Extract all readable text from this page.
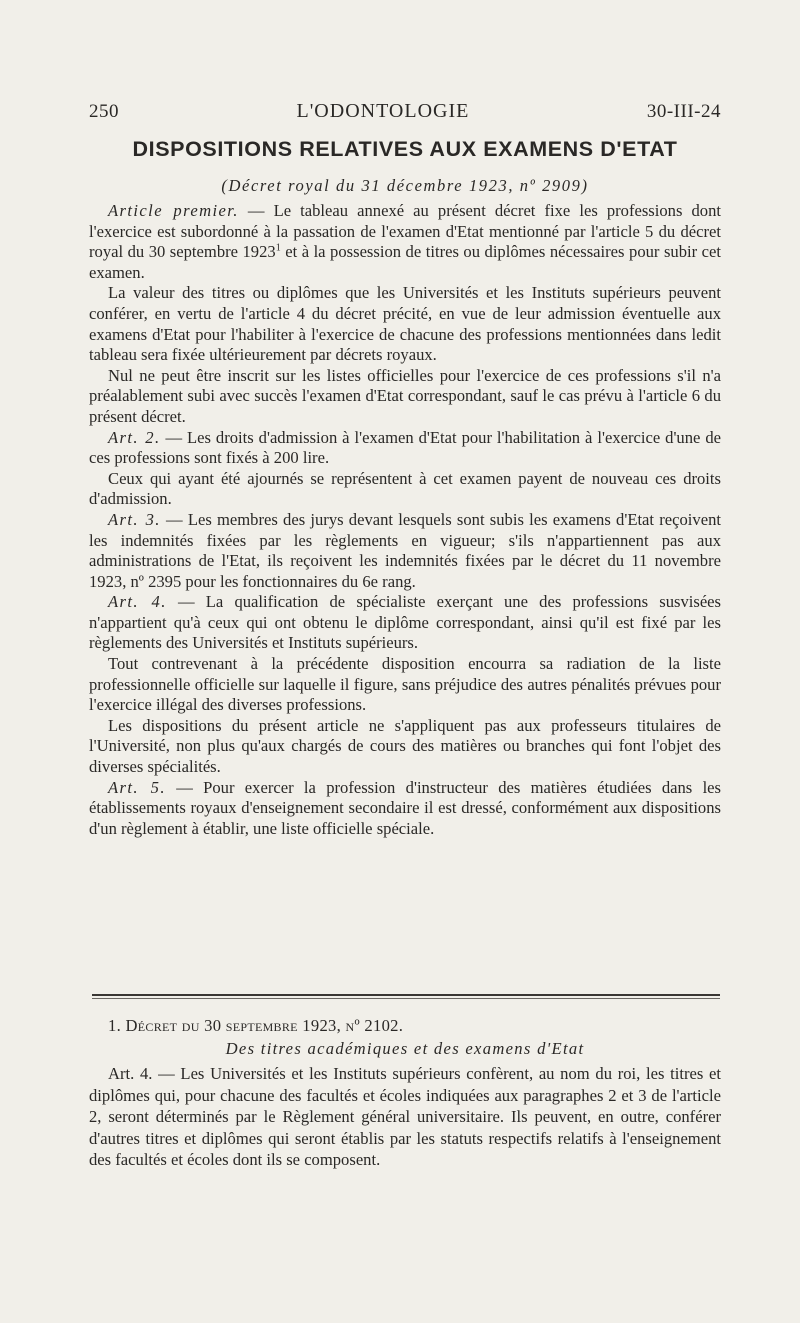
250	L'ODONTOLOGIE	30-III-24
DISPOSITIONS RELATIVES AUX EXAMENS D'ETAT
(Décret royal du 31 décembre 1923, nº 2909)

Article premier. — Le tableau annexé au présent décret fixe les professions dont l'exercice est subordonné à la passation de l'examen d'Etat mentionné par l'article 5 du décret royal du 30 septembre 1923$^1$ et à la possession de titres ou diplômes nécessaires pour subir cet examen.

La valeur des titres ou diplômes que les Universités et les Instituts supérieurs peuvent conférer, en vertu de l'article 4 du décret précité, en vue de leur admission éventuelle aux examens d'Etat pour l'habiliter à l'exercice de chacune des professions mentionnées dans ledit tableau sera fixée ultérieurement par décrets royaux.

Nul ne peut être inscrit sur les listes officielles pour l'exercice de ces professions s'il n'a préalablement subi avec succès l'examen d'Etat correspondant, sauf le cas prévu à l'article 6 du présent décret.

Art. 2. — Les droits d'admission à l'examen d'Etat pour l'habilitation à l'exercice d'une de ces professions sont fixés à 200 lire.

Ceux qui ayant été ajournés se représentent à cet examen payent de nouveau ces droits d'admission.

Art. 3. — Les membres des jurys devant lesquels sont subis les examens d'Etat reçoivent les indemnités fixées par les règlements en vigueur; s'ils n'appartiennent pas aux administrations de l'Etat, ils reçoivent les indemnités fixées par le décret du 11 novembre 1923, nº 2395 pour les fonctionnaires du 6e rang.

Art. 4. — La qualification de spécialiste exerçant une des professions susvisées n'appartient qu'à ceux qui ont obtenu le diplôme correspondant, ainsi qu'il est fixé par les règlements des Universités et Instituts supérieurs.

Tout contrevenant à la précédente disposition encourra sa radiation de la liste professionnelle officielle sur laquelle il figure, sans préjudice des autres pénalités prévues pour l'exercice illégal des diverses professions.

Les dispositions du présent article ne s'appliquent pas aux professeurs titulaires de l'Université, non plus qu'aux chargés de cours des matières ou branches qui font l'objet des diverses spécialités.

Art. 5. — Pour exercer la profession d'instructeur des matières étudiées dans les établissements royaux d'enseignement secondaire il est dressé, conformément aux dispositions d'un règlement à établir, une liste officielle spéciale.

1. Décret du 30 septembre 1923, nº 2102.

Des titres académiques et des examens d'Etat

Art. 4. — Les Universités et les Instituts supérieurs confèrent, au nom du roi, les titres et diplômes qui, pour chacune des facultés et écoles indiquées aux paragraphes 2 et 3 de l'article 2, seront déterminés par le Règlement général universitaire. Ils peuvent, en outre, conférer d'autres titres et diplômes qui seront établis par les statuts respectifs relatifs à l'enseignement des facultés et écoles dont ils se composent.
